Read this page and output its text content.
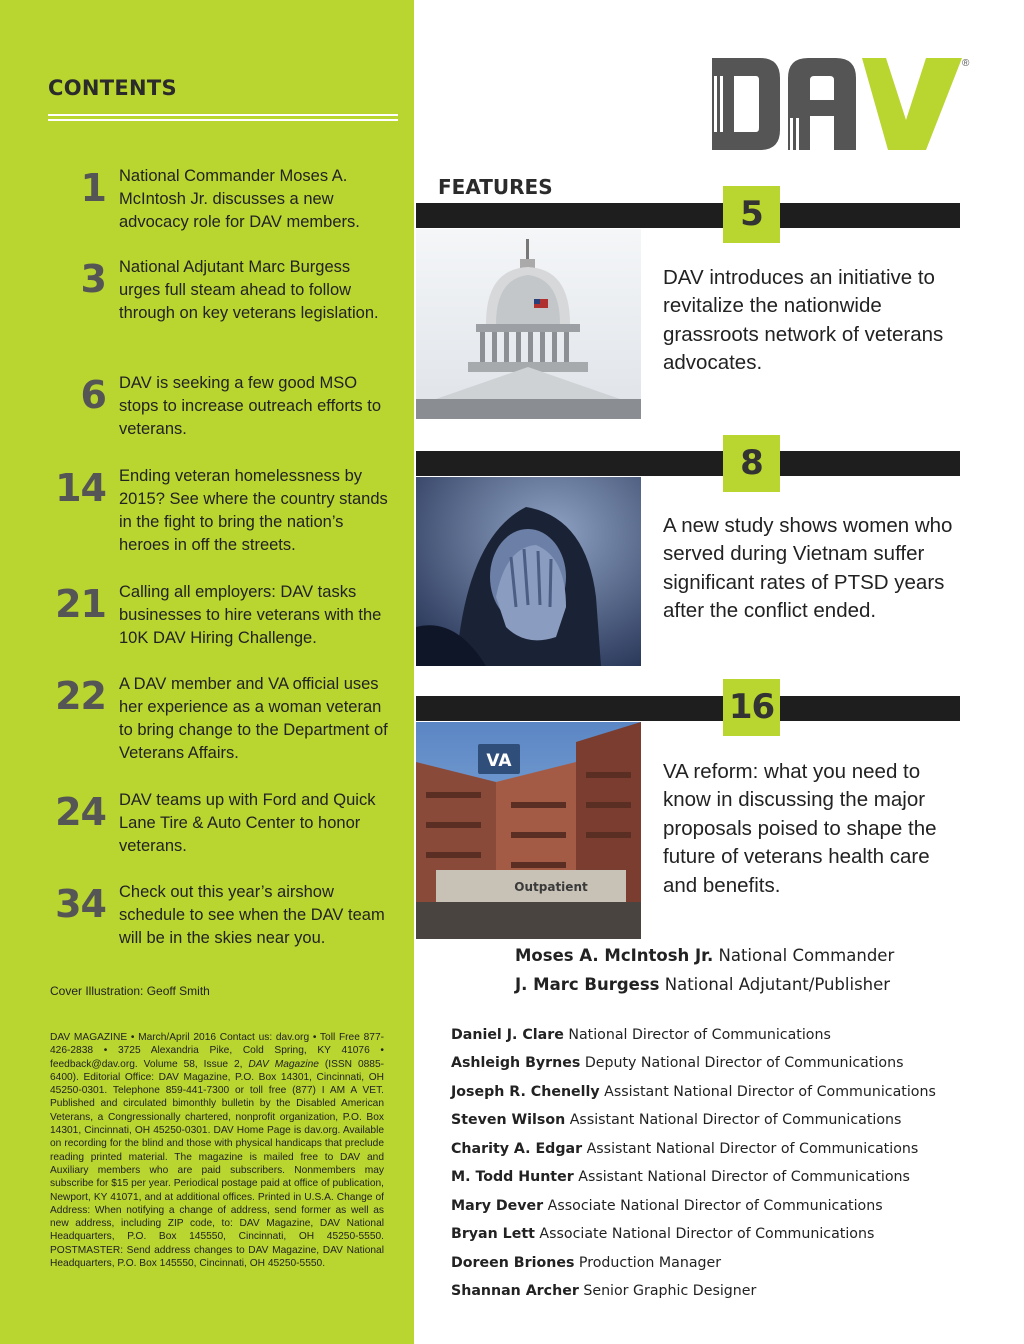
CONTENTS
1 National Commander Moses A. McIntosh Jr. discusses a new advocacy role for DAV members.
3 National Adjutant Marc Burgess urges full steam ahead to follow through on key veterans legislation.
6 DAV is seeking a few good MSO stops to increase outreach efforts to veterans.
14 Ending veteran homelessness by 2015? See where the country stands in the fight to bring the nation’s heroes in off the streets.
21 Calling all employers: DAV tasks businesses to hire veterans with the 10K DAV Hiring Challenge.
22 A DAV member and VA official uses her experience as a woman veteran to bring change to the Department of Veterans Affairs.
24 DAV teams up with Ford and Quick Lane Tire & Auto Center to honor veterans.
34 Check out this year’s airshow schedule to see when the DAV team will be in the skies near you.
Cover Illustration: Geoff Smith
DAV MAGAZINE • March/April 2016 Contact us: dav.org • Toll Free 877-426-2838 • 3725 Alexandria Pike, Cold Spring, KY 41076 • feedback@dav.org. Volume 58, Issue 2, DAV Magazine (ISSN 0885-6400). Editorial Office: DAV Magazine, P.O. Box 14301, Cincinnati, OH 45250-0301. Telephone 859-441-7300 or toll free (877) I AM A VET. Published and circulated bimonthly bulletin by the Disabled American Veterans, a Congressionally chartered, nonprofit organization, P.O. Box 14301, Cincinnati, OH 45250-0301. DAV Home Page is dav.org. Available on recording for the blind and those with physical handicaps that preclude reading printed material. The magazine is mailed free to DAV and Auxiliary members who are paid subscribers. Nonmembers may subscribe for $15 per year. Periodical postage paid at office of publication, Newport, KY 41071, and at additional offices. Printed in U.S.A. Change of Address: When notifying a change of address, send former as well as new address, including ZIP code, to: DAV Magazine, DAV National Headquarters, P.O. Box 145550, Cincinnati, OH 45250-5550. POSTMASTER: Send address changes to DAV Magazine, DAV National Headquarters, P.O. Box 145550, Cincinnati, OH 45250-5550.
®
FEATURES
5
DAV introduces an initiative to revitalize the nationwide grassroots network of veterans advocates.
8
A new study shows women who served during Vietnam suffer significant rates of PTSD years after the conflict ended.
16
VA
Outpatient
VA reform: what you need to know in discussing the major proposals poised to shape the future of veterans health care and benefits.
Moses A. McIntosh Jr. National Commander
J. Marc Burgess National Adjutant/Publisher
Daniel J. Clare National Director of Communications
Ashleigh Byrnes Deputy National Director of Communications
Joseph R. Chenelly Assistant National Director of Communications
Steven Wilson Assistant National Director of Communications
Charity A. Edgar Assistant National Director of Communications
M. Todd Hunter Assistant National Director of Communications
Mary Dever Associate National Director of Communications
Bryan Lett Associate National Director of Communications
Doreen Briones Production Manager
Shannan Archer Senior Graphic Designer
